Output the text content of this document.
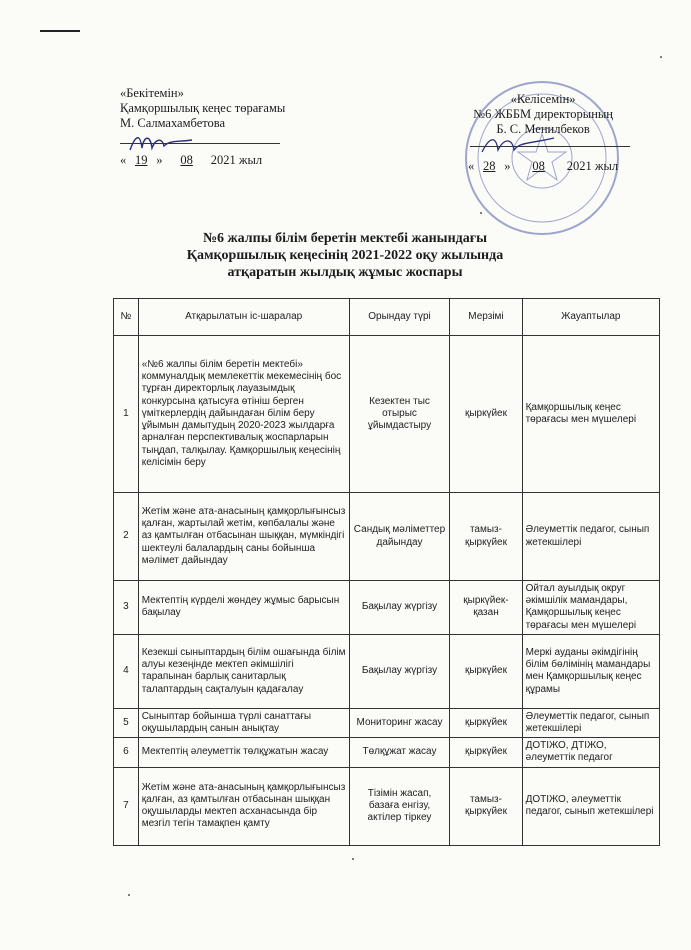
«Бекітемін»
Қамқоршылық кеңес төрағамы
М. Салмахамбетова
« 19 » 08 2021 жыл
«Келісемін»
№6 ЖББМ директорының
Б. С. Менилбеков
« 28 » 08 2021 жыл
№6 жалпы білім беретін мектебі жанындағы
Қамқоршылық кеңесінің 2021-2022 оқу жылында
атқаратын жылдық жұмыс жоспары
№	Атқарылатын іс-шаралар	Орындау түрі	Мерзімі	Жауаптылар
1	«№6 жалпы білім беретін мектебі» коммуналдық мемлекеттік мекемесінің бос тұрған директорлық лауазымдық конкурсына қатысуға өтініш берген үміткерлердің дайындаған білім беру ұйымын дамытудың 2020-2023 жылдарға арналған перспективалық жоспарларын тыңдап, талқылау. Қамқоршылық кеңесінің келісімін беру	Кезектен тыс отырыс ұйымдастыру	қыркүйек	Қамқоршылық кеңес төрағасы мен мүшелері
2	Жетім және ата-анасының қамқорлығынсыз қалған, жартылай жетім, көпбалалы және аз қамтылған отбасынан шыққан, мүмкіндігі шектеулі балалардың саны бойынша мәлімет дайындау	Сандық мәліметтер дайындау	тамыз-қыркүйек	Әлеуметтік педагог, сынып жетекшілері
3	Мектептің күрделі жөндеу жұмыс барысын бақылау	Бақылау жүргізу	қыркүйек-қазан	Ойтал ауылдық округ әкімшілік мамандары, Қамқоршылық кеңес төрағасы мен мүшелері
4	Кезекші сыныптардың білім ошағында білім алуы кезеңінде мектеп әкімшілігі тарапынан барлық санитарлық талаптардың сақталуын қадағалау	Бақылау жүргізу	қыркүйек	Меркі ауданы әкімдігінің білім бөлімінің мамандары мен Қамқоршылық кеңес құрамы
5	Сыныптар бойынша түрлі санаттағы оқушылардың санын анықтау	Мониторинг жасау	қыркүйек	Әлеуметтік педагог, сынып жетекшілері
6	Мектептің әлеуметтік төлқұжатын жасау	Төлқұжат жасау	қыркүйек	ДОТІЖО, ДТІЖО, әлеуметтік педагог
7	Жетім және ата-анасының қамқорлығынсыз қалған, аз қамтылған отбасынан шыққан оқушыларды мектеп асханасында бір мезгіл тегін тамақпен қамту	Тізімін жасап, базаға енгізу, актілер тіркеу	тамыз-қыркүйек	ДОТІЖО, әлеуметтік педагог, сынып жетекшілері
